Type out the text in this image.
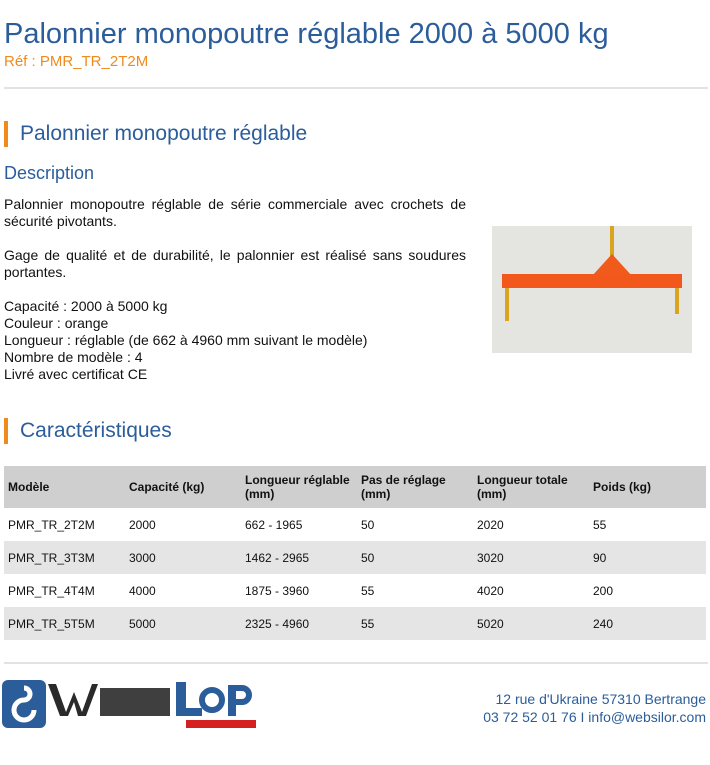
Palonnier monopoutre réglable 2000 à 5000 kg
Réf : PMR_TR_2T2M
Palonnier monopoutre réglable
Description
Palonnier monopoutre réglable de série commerciale avec crochets de sécurité pivotants.
Gage de qualité et de durabilité, le palonnier est réalisé sans soudures portantes.
Capacité : 2000 à 5000 kg
Couleur : orange
Longueur : réglable (de 662 à 4960 mm suivant le modèle)
Nombre de modèle : 4
Livré avec certificat CE
Caractéristiques
Modèle	Capacité (kg)	Longueur réglable (mm)	Pas de réglage (mm)	Longueur totale (mm)	Poids (kg)
PMR_TR_2T2M	2000	662 - 1965	50	2020	55
PMR_TR_3T3M	3000	1462 - 2965	50	3020	90
PMR_TR_4T4M	4000	1875 - 3960	55	4020	200
PMR_TR_5T5M	5000	2325 - 4960	55	5020	240
12 rue d'Ukraine 57310 Bertrange
03 72 52 01 76 I info@websilor.com
